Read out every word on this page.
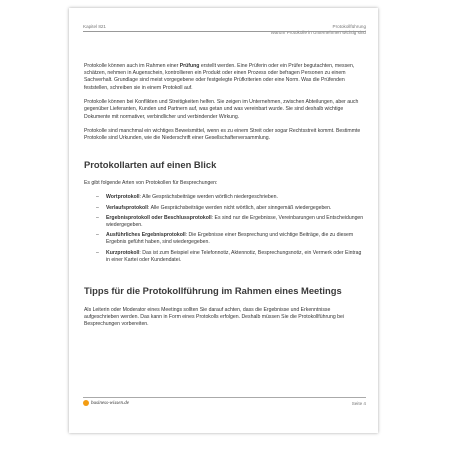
Kapitel 821	Protokollführung
Warum Protokolle in Unternehmen wichtig sind

Protokolle können auch im Rahmen einer Prüfung erstellt werden. Eine Prüferin oder ein Prüfer begutachten, messen, schätzen, nehmen in Augenschein, kontrollieren ein Produkt oder einen Prozess oder befragen Personen zu einem Sachverhalt. Grundlage sind meist vorgegebene oder festgelegte Prüfkriterien oder eine Norm. Was die Prüfenden feststellen, schreiben sie in einem Protokoll auf.

Protokolle können bei Konflikten und Streitigkeiten helfen. Sie zeigen im Unternehmen, zwischen Abteilungen, aber auch gegenüber Lieferanten, Kunden und Partnern auf, was getan und was vereinbart wurde. Sie sind deshalb wichtige Dokumente mit normativer, verbindlicher und verbindender Wirkung.

Protokolle sind manchmal ein wichtiges Beweismittel, wenn es zu einem Streit oder sogar Rechtsstreit kommt. Bestimmte Protokolle sind Urkunden, wie die Niederschrift einer Gesellschafterversammlung.

Protokollarten auf einen Blick

Es gibt folgende Arten von Protokollen für Besprechungen:

– Wortprotokoll: Alle Gesprächsbeiträge werden wörtlich niedergeschrieben.
– Verlaufsprotokoll: Alle Gesprächsbeiträge werden nicht wörtlich, aber sinngemäß wiedergegeben.
– Ergebnisprotokoll oder Beschlussprotokoll: Es sind nur die Ergebnisse, Vereinbarungen und Entscheidungen wiedergegeben.
– Ausführliches Ergebnisprotokoll: Die Ergebnisse einer Besprechung und wichtige Beiträge, die zu diesem Ergebnis geführt haben, sind wiedergegeben.
– Kurzprotokoll: Das ist zum Beispiel eine Telefonnotiz, Aktennotiz, Besprechungsnotiz, ein Vermerk oder Eintrag in einer Kartei oder Kundendatei.
Tipps für die Protokollführung im Rahmen eines Meetings

Als Leiterin oder Moderator eines Meetings sollten Sie darauf achten, dass die Ergebnisse und Erkenntnisse aufgeschrieben werden. Das kann in Form eines Protokolls erfolgen. Deshalb müssen Sie die Protokollführung bei Besprechungen vorbereiten.

business-wissen.de	Seite 4
